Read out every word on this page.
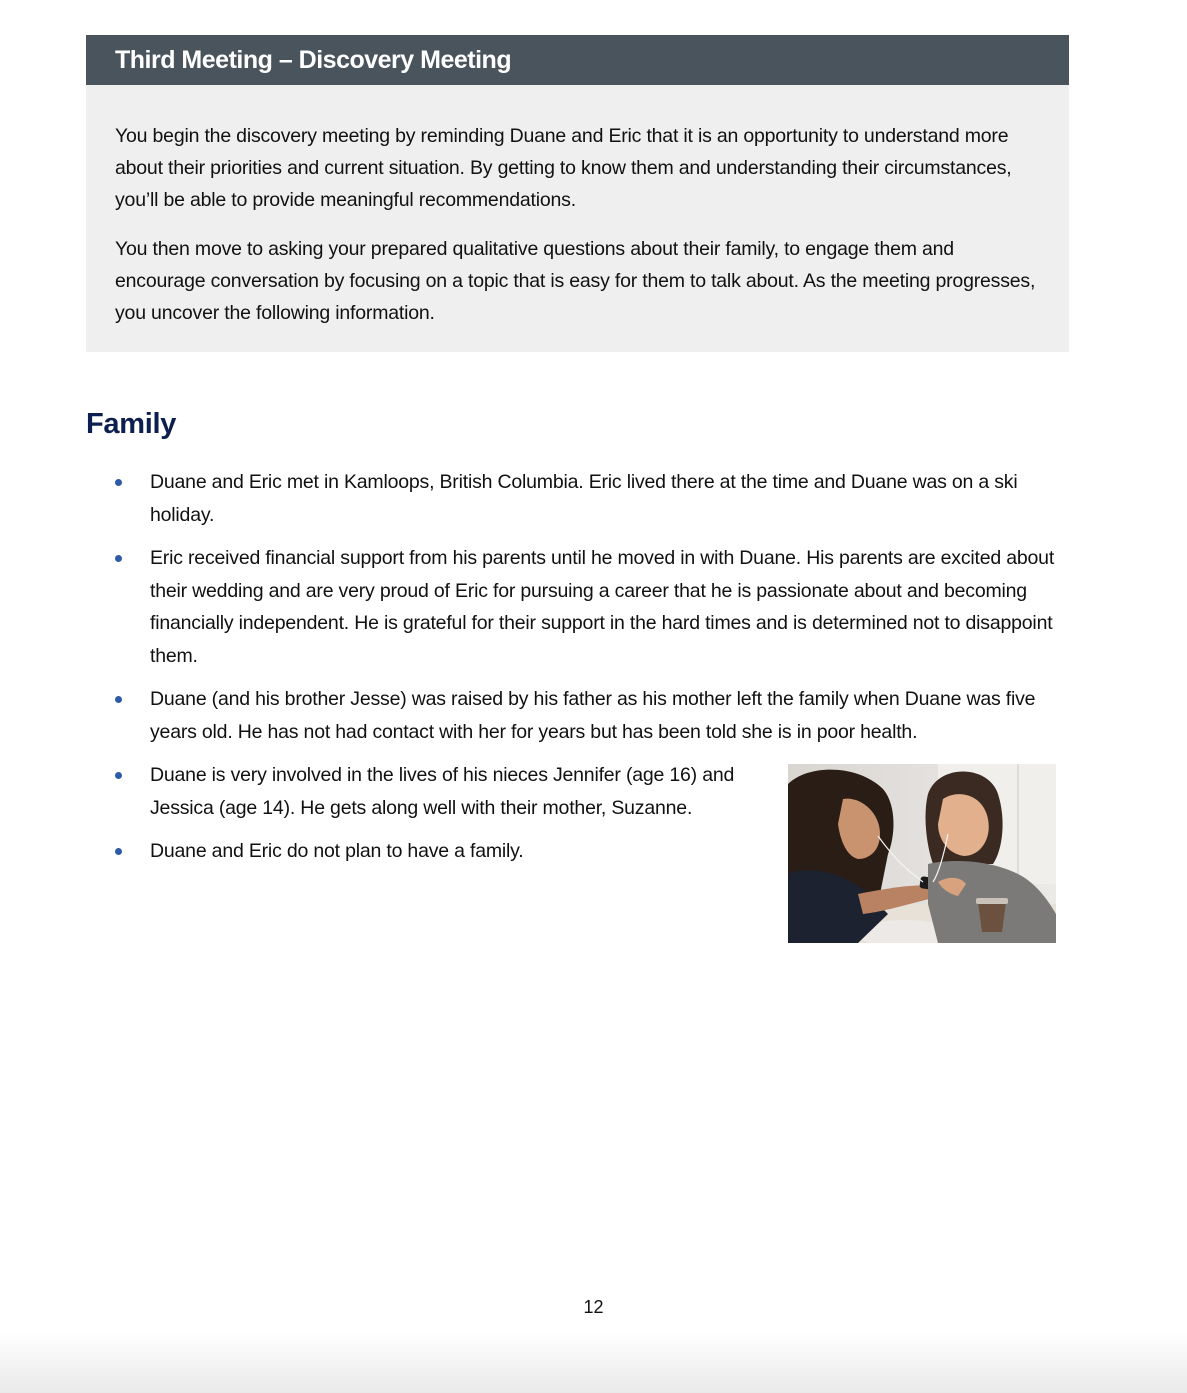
Third Meeting – Discovery Meeting

You begin the discovery meeting by reminding Duane and Eric that it is an opportunity to understand more about their priorities and current situation. By getting to know them and understanding their circumstances, you’ll be able to provide meaningful recommendations.

You then move to asking your prepared qualitative questions about their family, to engage them and encourage conversation by focusing on a topic that is easy for them to talk about. As the meeting progresses, you uncover the following information.

Family
Duane and Eric met in Kamloops, British Columbia. Eric lived there at the time and Duane was on a ski holiday.
Eric received financial support from his parents until he moved in with Duane. His parents are excited about their wedding and are very proud of Eric for pursuing a career that he is passionate about and becoming financially independent. He is grateful for their support in the hard times and is determined not to disappoint them.
Duane (and his brother Jesse) was raised by his father as his mother left the family when Duane was five years old. He has not had contact with her for years but has been told she is in poor health.
Duane is very involved in the lives of his nieces Jennifer (age 16) and Jessica (age 14). He gets along well with their mother, Suzanne.
Duane and Eric do not plan to have a family.
12
